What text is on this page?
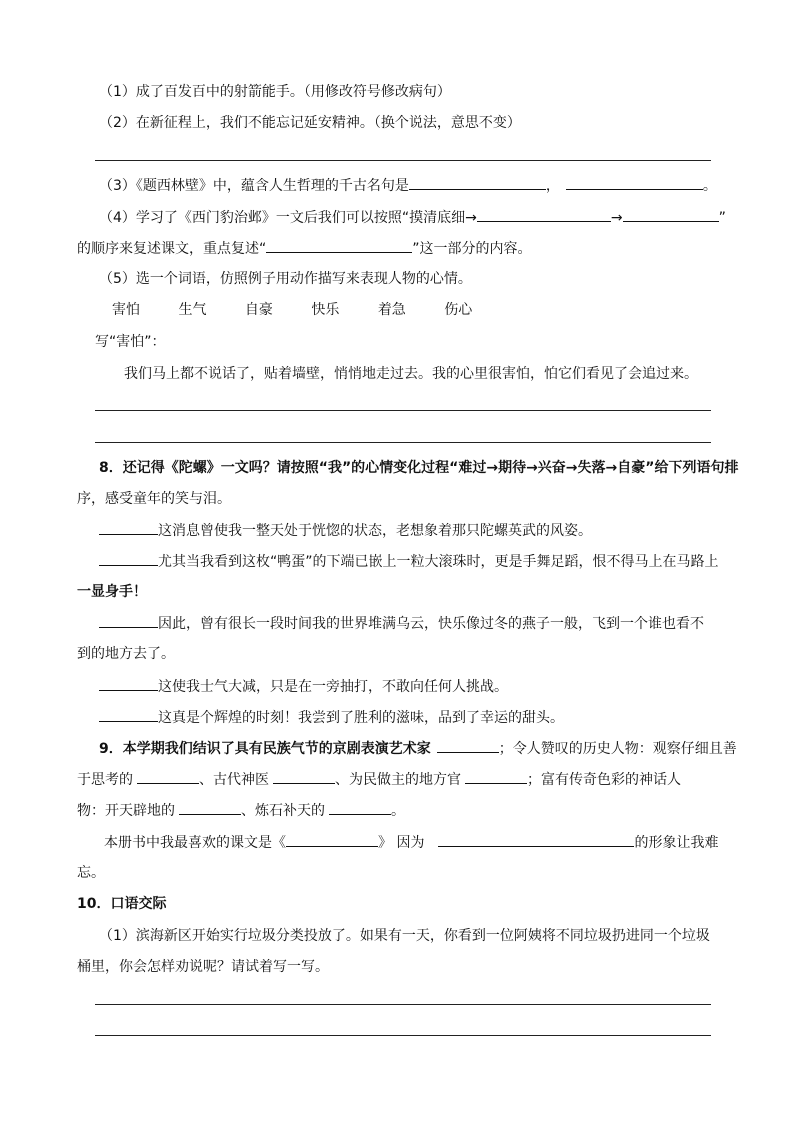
（1）成了百发百中的射箭能手。（用修改符号修改病句）
（2）在新征程上，我们不能忘记延安精神。（换个说法，意思不变）
（3）《题西林壁》中，蕴含人生哲理的千古名句是	，	。
（4）学习了《西门豹治邺》一文后我们可以按照“摸清底细→	→	”
的顺序来复述课文，重点复述“	”这一部分的内容。
（5）选一个词语，仿照例子用动作描写来表现人物的心情。
害怕	生气	自豪	快乐	着急	伤心
写“害怕”：
我们马上都不说话了，贴着墙壁，悄悄地走过去。我的心里很害怕，怕它们看见了会追过来。
8．还记得《陀螺》一文吗？请按照“我”的心情变化过程“难过→期待→兴奋→失落→自豪”给下列语句排
序，感受童年的笑与泪。
这消息曾使我一整天处于恍惚的状态，老想象着那只陀螺英武的风姿。
尤其当我看到这枚“鸭蛋”的下端已嵌上一粒大滚珠时，更是手舞足蹈，恨不得马上在马路上
一显身手！
因此，曾有很长一段时间我的世界堆满乌云，快乐像过冬的燕子一般，飞到一个谁也看不
到的地方去了。
这使我士气大减，只是在一旁抽打，不敢向任何人挑战。
这真是个辉煌的时刻！我尝到了胜利的滋味，品到了幸运的甜头。
9．本学期我们结识了具有民族气节的京剧表演艺术家	；令人赞叹的历史人物：观察仔细且善
于思考的	、古代神医	、为民做主的地方官	；富有传奇色彩的神话人
物：开天辟地的	、炼石补天的	。
本册书中我最喜欢的课文是《	》 因为	的形象让我难
忘。
10．口语交际
（1）滨海新区开始实行垃圾分类投放了。如果有一天，你看到一位阿姨将不同垃圾扔进同一个垃圾
桶里，你会怎样劝说呢？请试着写一写。
